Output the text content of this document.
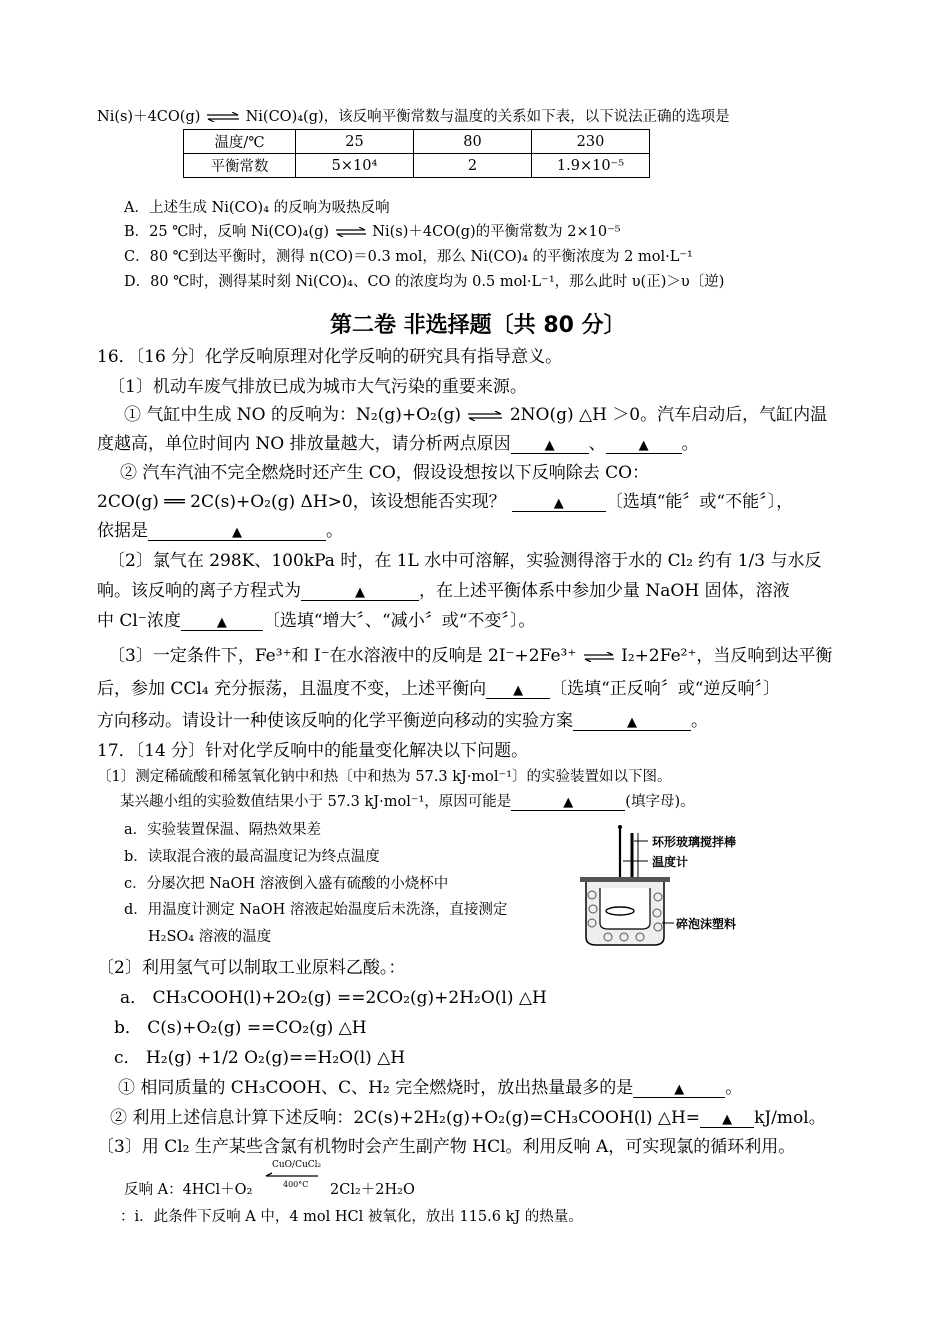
Ni(s)＋4CO(g) ⇌ Ni(CO)₄(g)，该反响平衡常数与温度的关系如下表，以下说法正确的选项是
温度/℃	25	80	230
平衡常数	5×10⁴	2	1.9×10⁻⁵
A．上述生成 Ni(CO)₄ 的反响为吸热反响
B．25 ℃时，反响 Ni(CO)₄(g) ⇌ Ni(s)＋4CO(g)的平衡常数为 2×10⁻⁵
C．80 ℃到达平衡时，测得 n(CO)＝0.3 mol，那么 Ni(CO)₄ 的平衡浓度为 2 mol·L⁻¹
D．80 ℃时，测得某时刻 Ni(CO)₄、CO 的浓度均为 0.5 mol·L⁻¹，那么此时 υ(正)＞υ〔逆)
第二卷 非选择题〔共 80 分〕
16．〔16 分〕化学反响原理对化学反响的研究具有指导意义。
〔1〕机动车废气排放已成为城市大气污染的重要来源。
① 气缸中生成 NO 的反响为：N₂(g)+O₂(g) ⇌ 2NO(g) △H ＞0。汽车启动后，气缸内温
度越高，单位时间内 NO 排放量越大，请分析两点原因	▲ 、	▲ 。
② 汽车汽油不完全燃烧时还产生 CO，假设设想按以下反响除去 CO：
2CO(g) ══ 2C(s)+O₂(g) ΔH>0，该设想能否实现？	▲ 〔选填“能〞或“不能〞〕，
依据是	▲	。
〔2〕氯气在 298K、100kPa 时，在 1L 水中可溶解，实验测得溶于水的 Cl₂ 约有 1/3 与水反
响。该反响的离子方程式为	▲	，在上述平衡体系中参加少量 NaOH 固体，溶液
中 Cl⁻浓度	▲ 〔选填“增大〞、“减小〞或“不变〞〕。
〔3〕一定条件下，Fe³⁺和 I⁻在水溶液中的反响是 2I⁻+2Fe³⁺ ⇌ I₂+2Fe²⁺，当反响到达平衡
后，参加 CCl₄ 充分振荡，且温度不变，上述平衡向 ▲ 〔选填“正反响〞或“逆反响〞〕
方向移动。请设计一种使该反响的化学平衡逆向移动的实验方案	▲	。
17．〔14 分〕针对化学反响中的能量变化解决以下问题。
〔1〕测定稀硫酸和稀氢氧化钠中和热〔中和热为 57.3 kJ·mol⁻¹〕的实验装置如以下图。
某兴趣小组的实验数值结果小于 57.3 kJ·mol⁻¹，原因可能是	▲	(填字母)。
a．实验装置保温、隔热效果差
b．读取混合液的最高温度记为终点温度
c．分屡次把 NaOH 溶液倒入盛有硫酸的小烧杯中
d．用温度计测定 NaOH 溶液起始温度后未洗涤，直接测定
H₂SO₄ 溶液的温度
环形玻璃搅拌棒
温度计
碎泡沫塑料
〔2〕利用氢气可以制取工业原料乙酸。：
a． CH₃COOH(l)+2O₂(g) ==2CO₂(g)+2H₂O(l) △H
b． C(s)+O₂(g) ==CO₂(g) △H
c． H₂(g) +1/2 O₂(g)==H₂O(l) △H
① 相同质量的 CH₃COOH、C、H₂ 完全燃烧时，放出热量最多的是	▲ 。
② 利用上述信息计算下述反响：2C(s)+2H₂(g)+O₂(g)=CH₃COOH(l) △H= ▲ kJ/mol。
〔3〕用 Cl₂ 生产某些含氯有机物时会产生副产物 HCl。利用反响 A，可实现氯的循环利用。
反响 A：4HCl＋O₂
CuO/CuCl₂
400°C 2Cl₂＋2H₂O
：ⅰ．此条件下反响 A 中，4 mol HCl 被氧化，放出 115.6 kJ 的热量。
